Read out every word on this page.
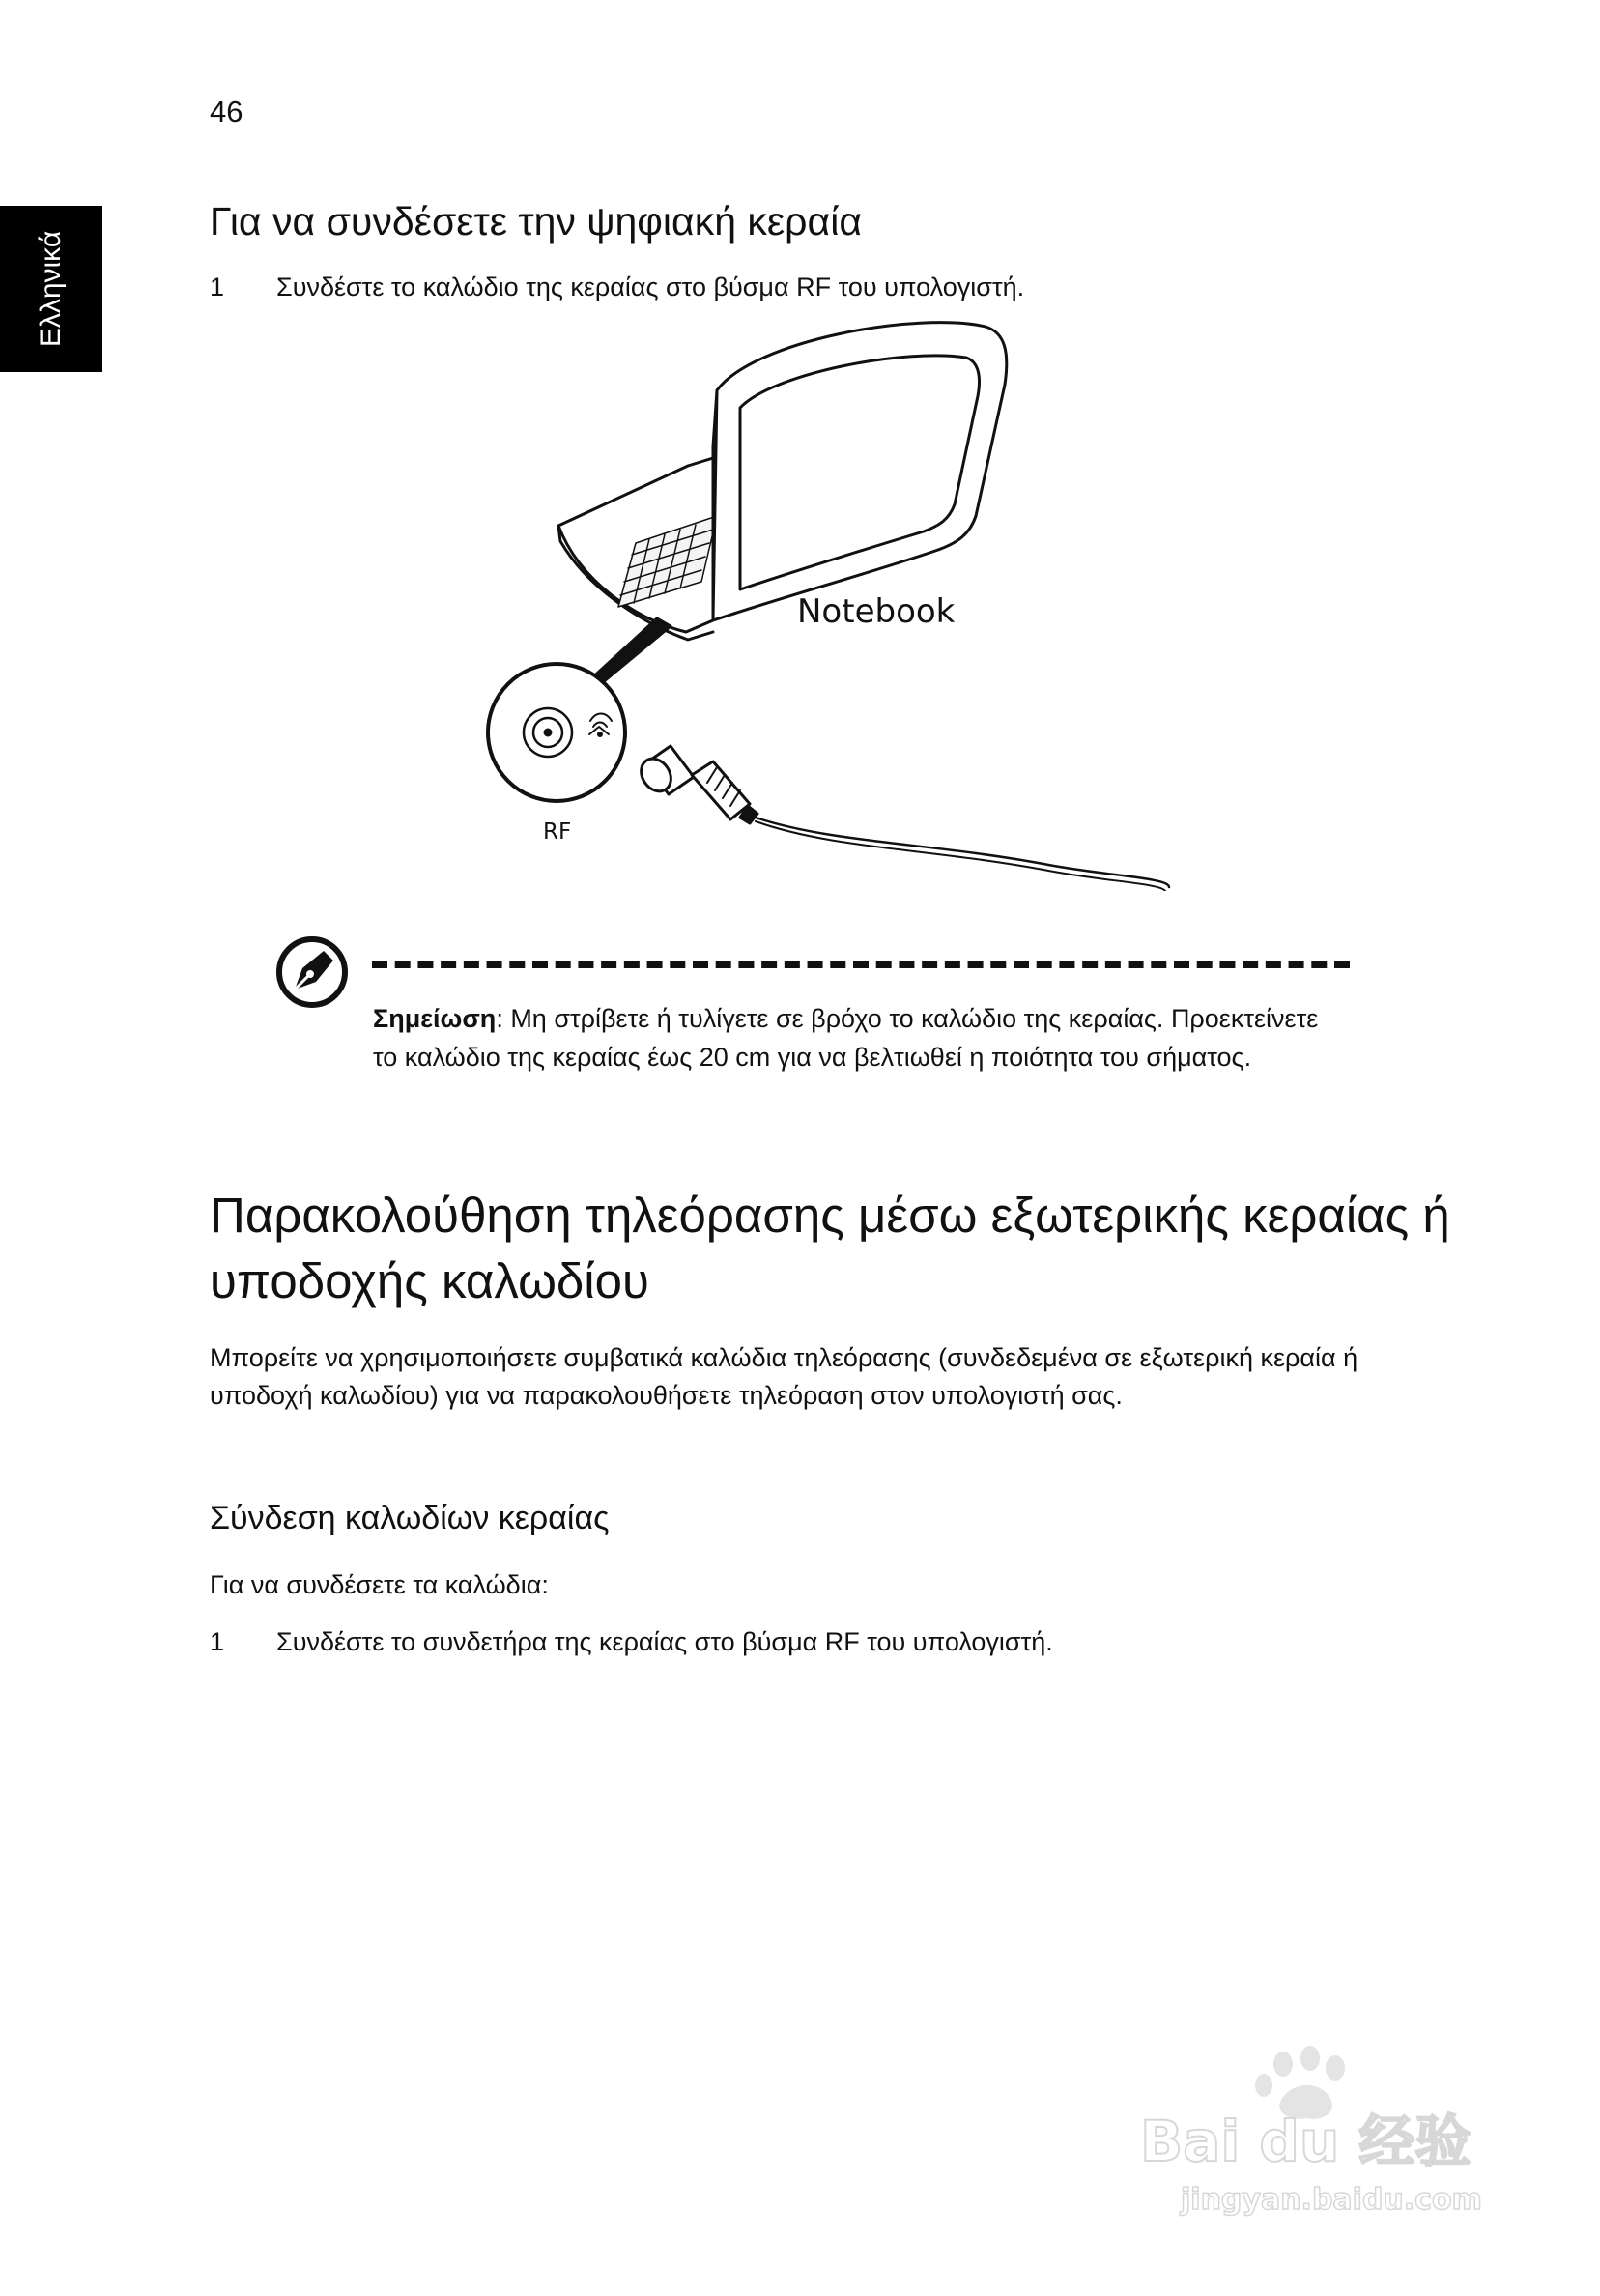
46
Ελληνικά
Για να συνδέσετε την ψηφιακή κεραία
1 Συνδέστε το καλώδιο της κεραίας στο βύσμα RF του υπολογιστή.
Notebook
RF

Σημείωση: Μη στρίβετε ή τυλίγετε σε βρόχο το καλώδιο της κεραίας. Προεκτείνετε το καλώδιο της κεραίας έως 20 cm για να βελτιωθεί η ποιότητα του σήματος.

Παρακολούθηση τηλεόρασης μέσω εξωτερικής κεραίας ή υποδοχής καλωδίου

Μπορείτε να χρησιμοποιήσετε συμβατικά καλώδια τηλεόρασης (συνδεδεμένα σε εξωτερική κεραία ή υποδοχή καλωδίου) για να παρακολουθήσετε τηλεόραση στον υπολογιστή σας.

Σύνδεση καλωδίων κεραίας

Για να συνδέσετε τα καλώδια:

1 Συνδέστε το συνδετήρα της κεραίας στο βύσμα RF του υπολογιστή.
Bai du 经验
jingyan.baidu.com
